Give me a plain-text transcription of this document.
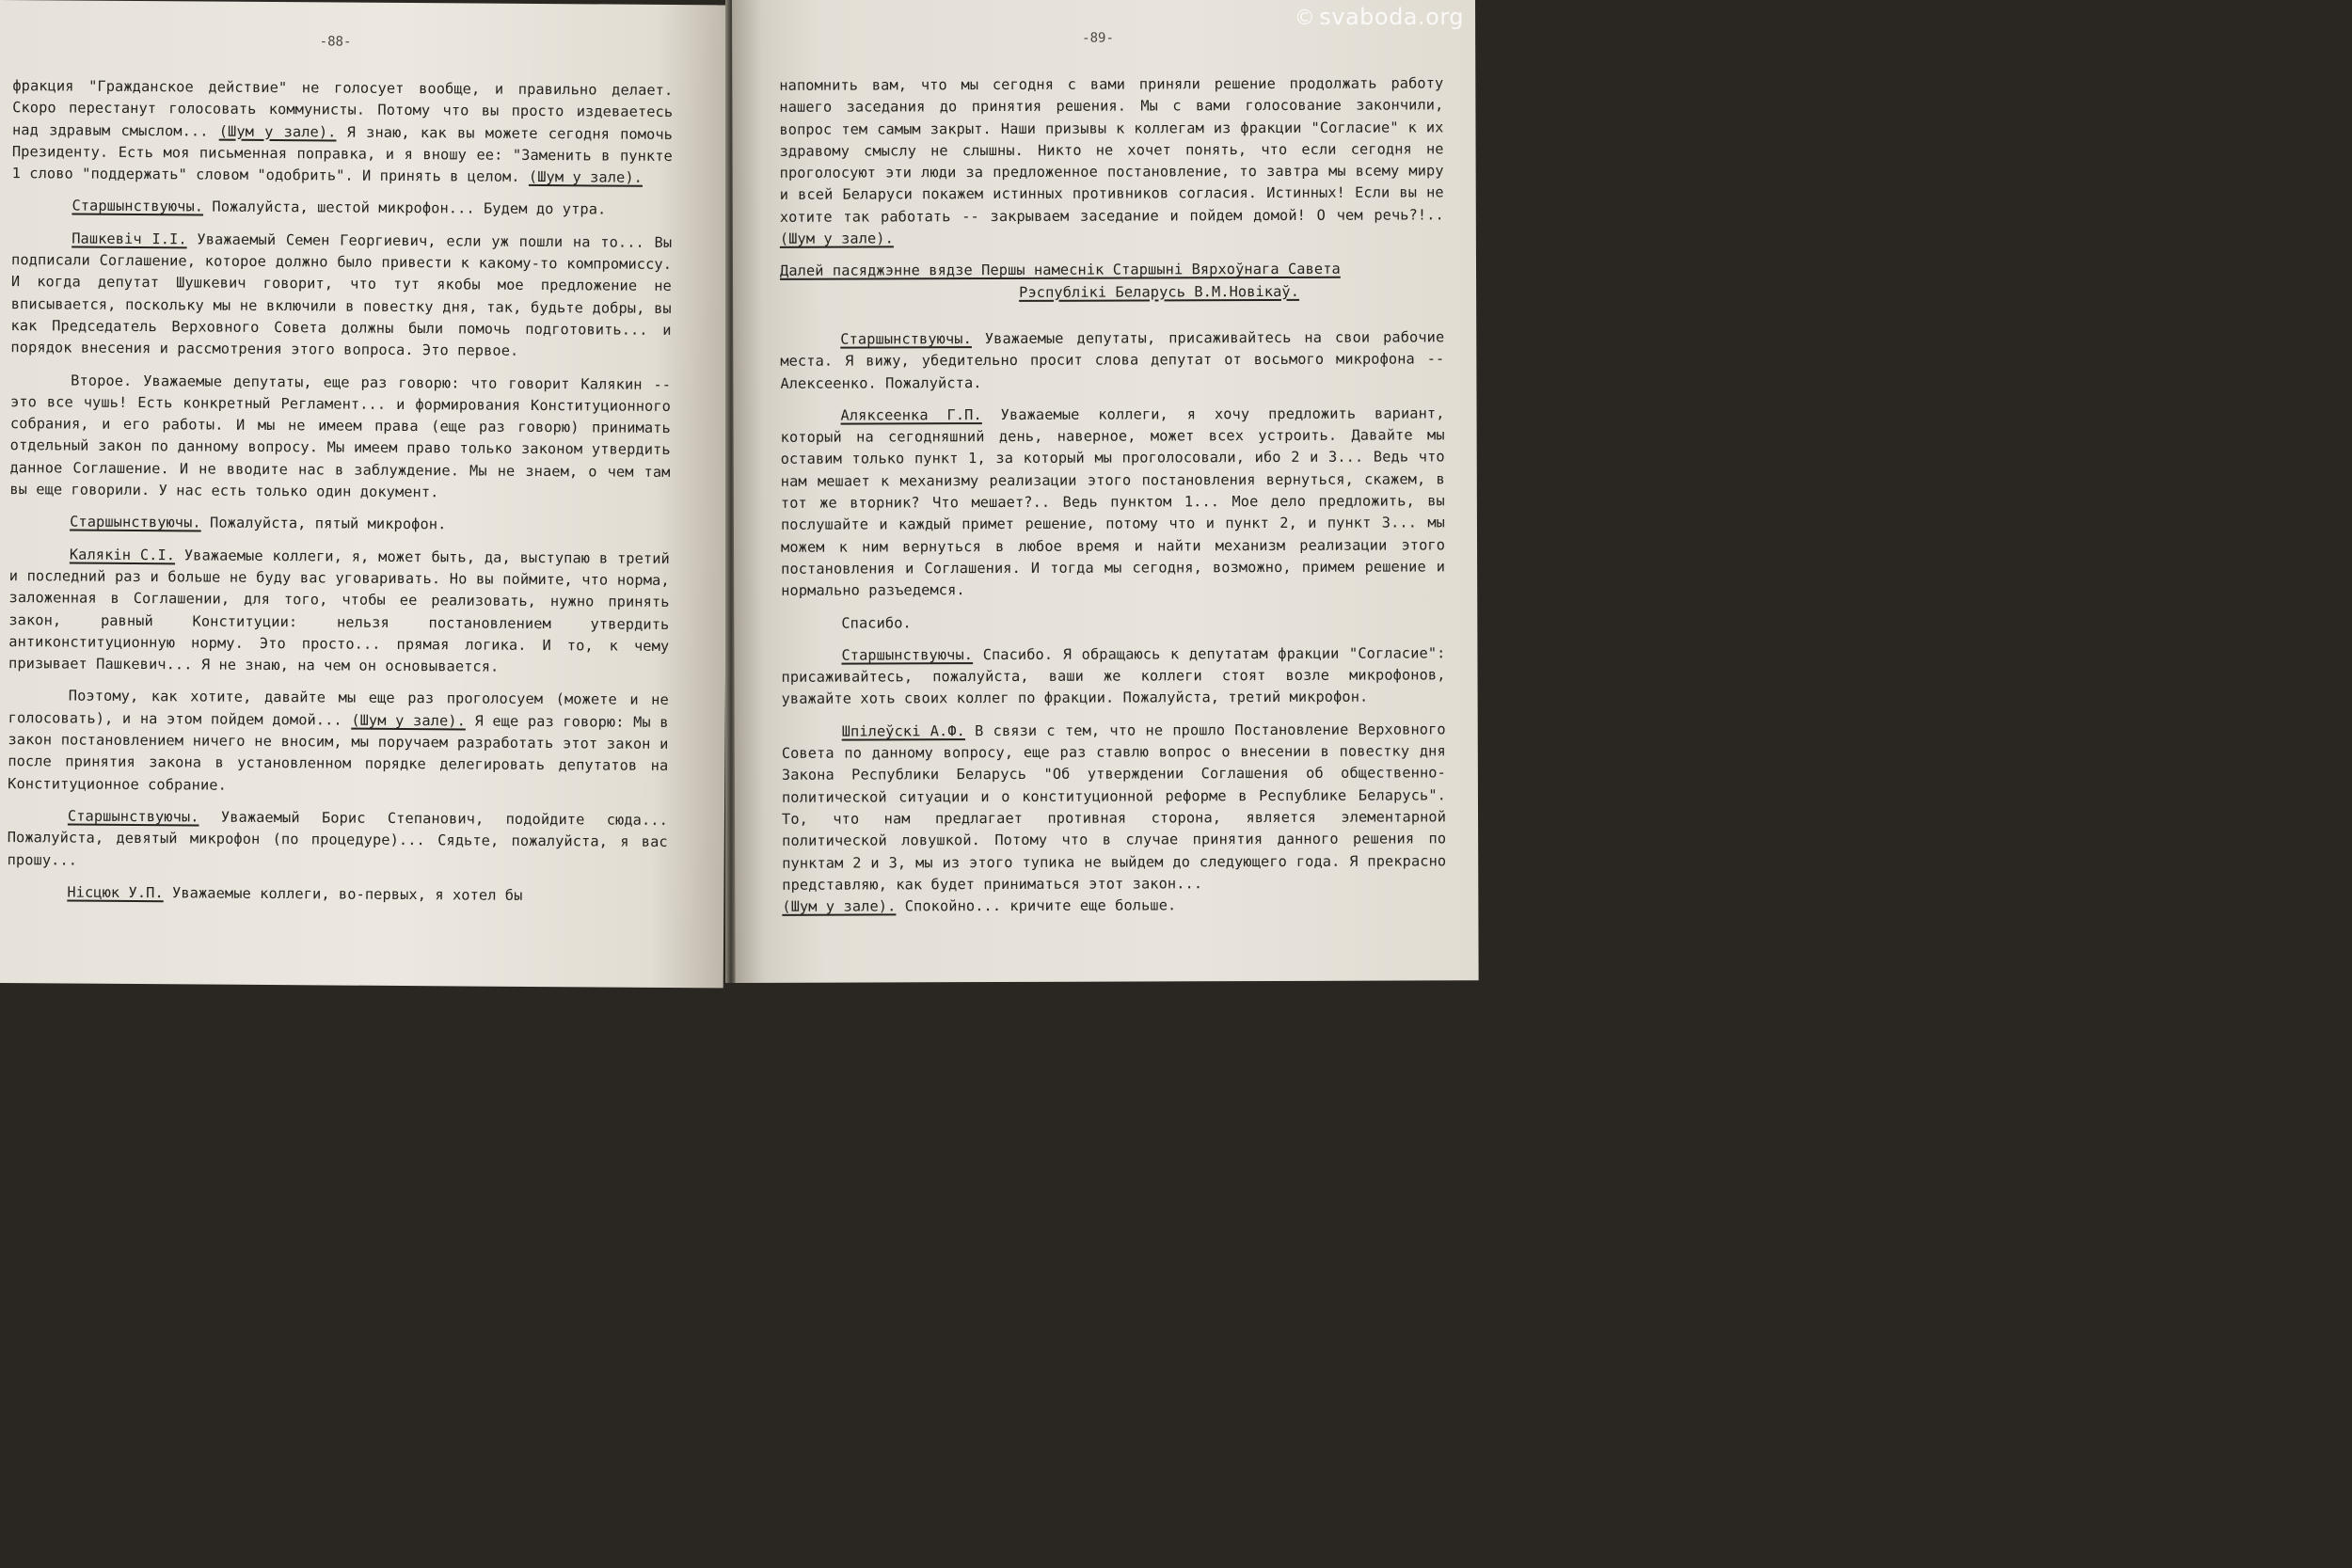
-88-

фракция "Гражданское действие" не голосует вообще, и правильно делает. Скоро перестанут голосовать коммунисты. Потому что вы просто издеваетесь над здравым смыслом... (Шум у зале). Я знаю, как вы можете сегодня помочь Президенту. Есть моя письменная поправка, и я вношу ее: "Заменить в пункте 1 слово "поддержать" словом "одобрить". И принять в целом. (Шум у зале).

Старшынствуючы. Пожалуйста, шестой микрофон... Будем до утра.

Пашкевіч І.І. Уважаемый Семен Георгиевич, если уж пошли на то... Вы подписали Соглашение, которое должно было привести к какому-то компромиссу. И когда депутат Шушкевич говорит, что тут якобы мое предложение не вписывается, поскольку мы не включили в повестку дня, так, будьте добры, вы как Председатель Верховного Совета должны были помочь подготовить... и порядок внесения и рассмотрения этого вопроса. Это первое.

Второе. Уважаемые депутаты, еще раз говорю: что говорит Калякин -- это все чушь! Есть конкретный Регламент... и формирования Конституционного собрания, и его работы. И мы не имеем права (еще раз говорю) принимать отдельный закон по данному вопросу. Мы имеем право только законом утвердить данное Соглашение. И не вводите нас в заблуждение. Мы не знаем, о чем там вы еще говорили. У нас есть только один документ.

Старшынствуючы. Пожалуйста, пятый микрофон.

Калякін С.І. Уважаемые коллеги, я, может быть, да, выступаю в третий и последний раз и больше не буду вас уговаривать. Но вы поймите, что норма, заложенная в Соглашении, для того, чтобы ее реализовать, нужно принять закон, равный Конституции: нельзя постановлением утвердить антиконституционную норму. Это просто... прямая логика. И то, к чему призывает Пашкевич... Я не знаю, на чем он основывается.

Поэтому, как хотите, давайте мы еще раз проголосуем (можете и не голосовать), и на этом пойдем домой... (Шум у зале). Я еще раз говорю: Мы в закон постановлением ничего не вносим, мы поручаем разработать этот закон и после принятия закона в установленном порядке делегировать депутатов на Конституционное собрание.

Старшынствуючы. Уважаемый Борис Степанович, подойдите сюда... Пожалуйста, девятый микрофон (по процедуре)... Сядьте, пожалуйста, я вас прошу...

Нісцюк У.П. Уважаемые коллеги, во-первых, я хотел бы

-89-

напомнить вам, что мы сегодня с вами приняли решение продолжать работу нашего заседания до принятия решения. Мы с вами голосование закончили, вопрос тем самым закрыт. Наши призывы к коллегам из фракции "Согласие" к их здравому смыслу не слышны. Никто не хочет понять, что если сегодня не проголосуют эти люди за предложенное постановление, то завтра мы всему миру и всей Беларуси покажем истинных противников согласия. Истинных! Если вы не хотите так работать -- закрываем заседание и пойдем домой! О чем речь?!.. (Шум у зале).

Далей пасяджэнне вядзе Першы намеснік Старшыні Вярхоўнага Савета

Рэспублікі Беларусь В.М.Новікаў.

Старшынствуючы. Уважаемые депутаты, присаживайтесь на свои рабочие места. Я вижу, убедительно просит слова депутат от восьмого микрофона -- Алексеенко. Пожалуйста.

Аляксеенка Г.П. Уважаемые коллеги, я хочу предложить вариант, который на сегодняшний день, наверное, может всех устроить. Давайте мы оставим только пункт 1, за который мы проголосовали, ибо 2 и 3... Ведь что нам мешает к механизму реализации этого постановления вернуться, скажем, в тот же вторник? Что мешает?.. Ведь пунктом 1... Мое дело предложить, вы послушайте и каждый примет решение, потому что и пункт 2, и пункт 3... мы можем к ним вернуться в любое время и найти механизм реализации этого постановления и Соглашения. И тогда мы сегодня, возможно, примем решение и нормально разъедемся.

Спасибо.

Старшынствуючы. Спасибо. Я обращаюсь к депутатам фракции "Согласие": присаживайтесь, пожалуйста, ваши же коллеги стоят возле микрофонов, уважайте хоть своих коллег по фракции. Пожалуйста, третий микрофон.

Шпілеўскі А.Ф. В связи с тем, что не прошло Постановление Верховного Совета по данному вопросу, еще раз ставлю вопрос о внесении в повестку дня Закона Республики Беларусь "Об утверждении Соглашения об общественно-политической ситуации и о конституционной реформе в Республике Беларусь". То, что нам предлагает противная сторона, является элементарной политической ловушкой. Потому что в случае принятия данного решения по пунктам 2 и 3, мы из этого тупика не выйдем до следующего года. Я прекрасно представляю, как будет приниматься этот закон...

(Шум у зале). Спокойно... кричите еще больше.

© svaboda.org
